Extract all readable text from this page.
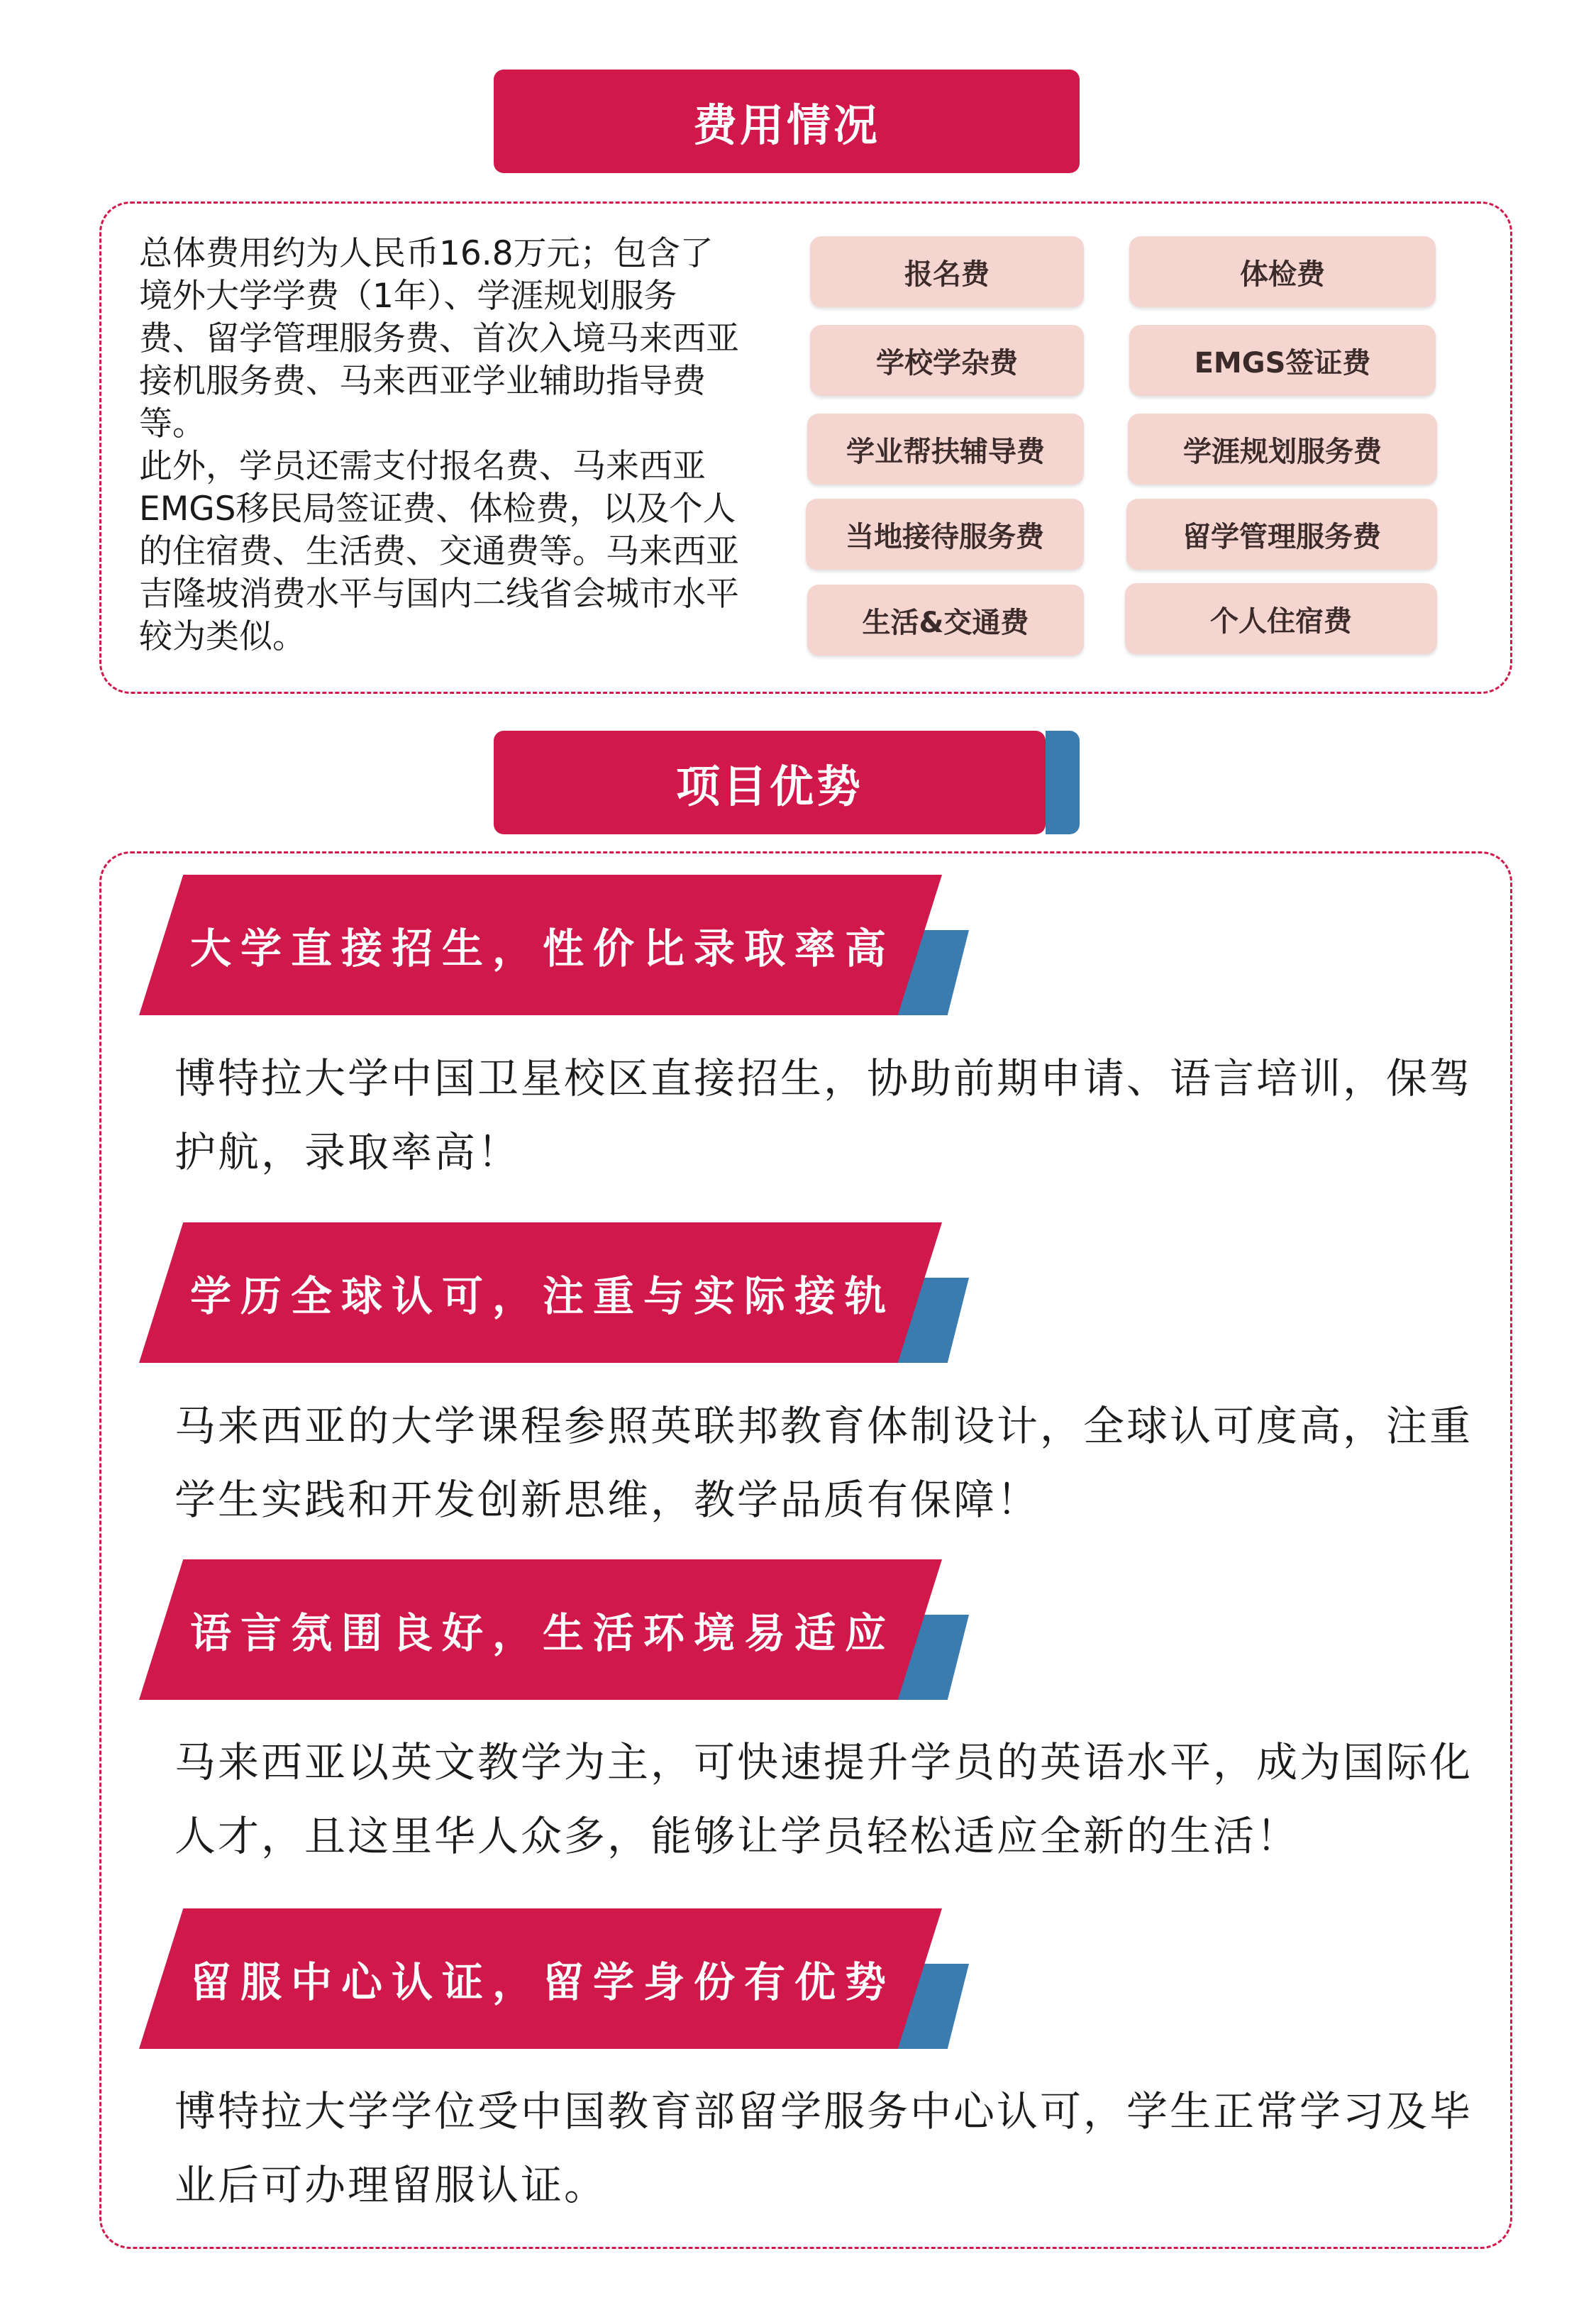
费用情况

总体费用约为人民币16.8万元；包含了境外大学学费（1年）、学涯规划服务费、留学管理服务费、首次入境马来西亚接机服务费、马来西亚学业辅助指导费等。

此外，学员还需支付报名费、马来西亚EMGS移民局签证费、体检费，以及个人的住宿费、生活费、交通费等。马来西亚吉隆坡消费水平与国内二线省会城市水平较为类似。

报名费	体检费
学校学杂费	EMGS签证费
学业帮扶辅导费	学涯规划服务费
当地接待服务费	留学管理服务费
生活&交通费	个人住宿费
项目优势
大学直接招生，性价比录取率高
博特拉大学中国卫星校区直接招生，协助前期申请、语言培训，保驾护航，录取率高！
学历全球认可，注重与实际接轨
马来西亚的大学课程参照英联邦教育体制设计，全球认可度高，注重学生实践和开发创新思维，教学品质有保障！
语言氛围良好，生活环境易适应
马来西亚以英文教学为主，可快速提升学员的英语水平，成为国际化人才，且这里华人众多，能够让学员轻松适应全新的生活！
留服中心认证，留学身份有优势
博特拉大学学位受中国教育部留学服务中心认可，学生正常学习及毕业后可办理留服认证。
